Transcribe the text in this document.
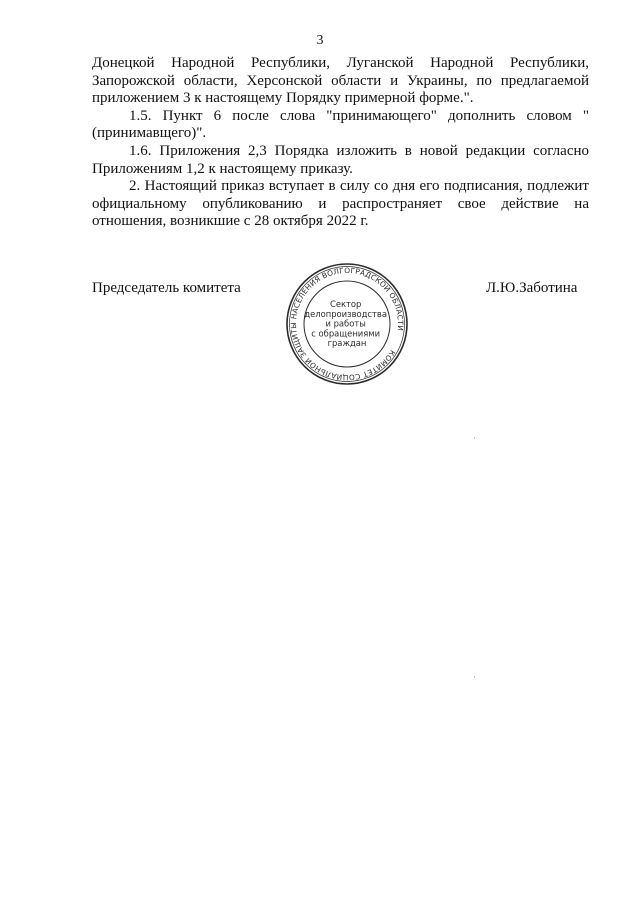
3

Донецкой Народной Республики, Луганской Народной Республики, Запорожской области, Херсонской области и Украины, по предлагаемой приложением 3 к настоящему Порядку примерной форме.".

1.5. Пункт 6 после слова "принимающего" дополнить словом "(принимавщего)".

1.6. Приложения 2,3 Порядка изложить в новой редакции согласно Приложениям 1,2 к настоящему приказу.

2. Настоящий приказ вступает в силу со дня его подписания, подлежит официальному опубликованию и распространяет свое действие на отношения, возникшие с 28 октября 2022 г.

Председатель комитета	Л.Ю.Заботина
КОМИТЕТ СОЦИАЛЬНОЙ ЗАЩИТЫ НАСЕЛЕНИЯ ВОЛГОГРАДСКОЙ ОБЛАСТИ
Сектор делопроизводства и работы с обращениями граждан
